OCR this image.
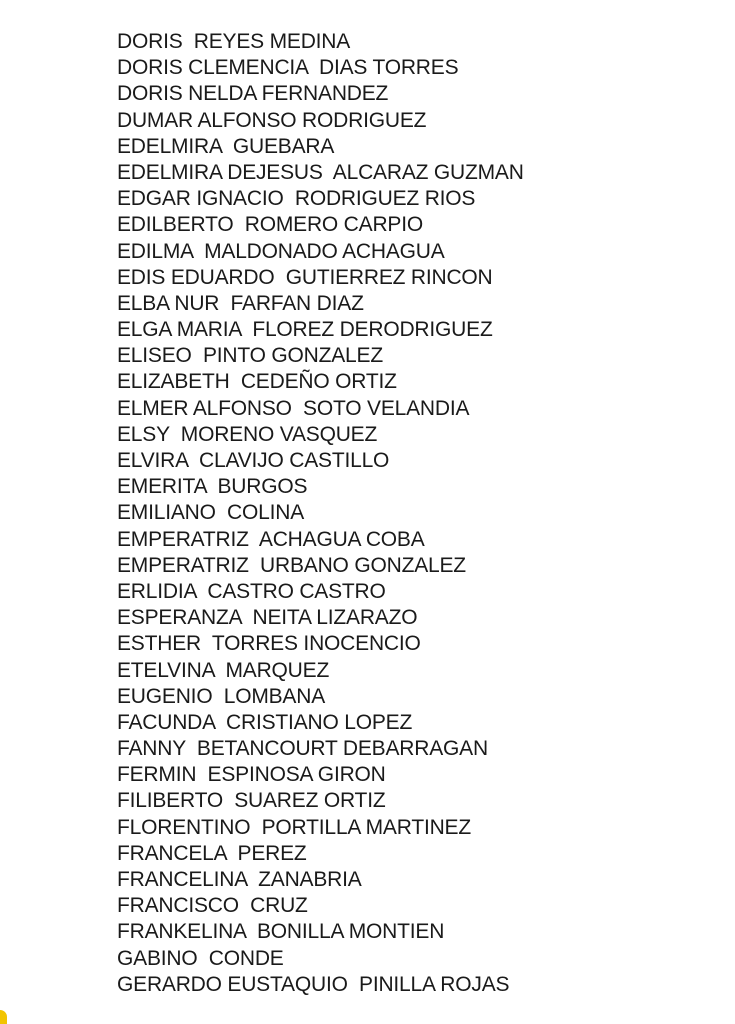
DORIS  REYES MEDINA
DORIS CLEMENCIA  DIAS TORRES
DORIS NELDA FERNANDEZ
DUMAR ALFONSO RODRIGUEZ
EDELMIRA  GUEBARA
EDELMIRA DEJESUS  ALCARAZ GUZMAN
EDGAR IGNACIO  RODRIGUEZ RIOS
EDILBERTO  ROMERO CARPIO
EDILMA  MALDONADO ACHAGUA
EDIS EDUARDO  GUTIERREZ RINCON
ELBA NUR  FARFAN DIAZ
ELGA MARIA  FLOREZ DERODRIGUEZ
ELISEO  PINTO GONZALEZ
ELIZABETH  CEDEÑO ORTIZ
ELMER ALFONSO  SOTO VELANDIA
ELSY  MORENO VASQUEZ
ELVIRA  CLAVIJO CASTILLO
EMERITA  BURGOS
EMILIANO  COLINA
EMPERATRIZ  ACHAGUA COBA
EMPERATRIZ  URBANO GONZALEZ
ERLIDIA  CASTRO CASTRO
ESPERANZA  NEITA LIZARAZO
ESTHER  TORRES INOCENCIO
ETELVINA  MARQUEZ
EUGENIO  LOMBANA
FACUNDA  CRISTIANO LOPEZ
FANNY  BETANCOURT DEBARRAGAN
FERMIN  ESPINOSA GIRON
FILIBERTO  SUAREZ ORTIZ
FLORENTINO  PORTILLA MARTINEZ
FRANCELA  PEREZ
FRANCELINA  ZANABRIA
FRANCISCO  CRUZ
FRANKELINA  BONILLA MONTIEN
GABINO  CONDE
GERARDO EUSTAQUIO  PINILLA ROJAS
